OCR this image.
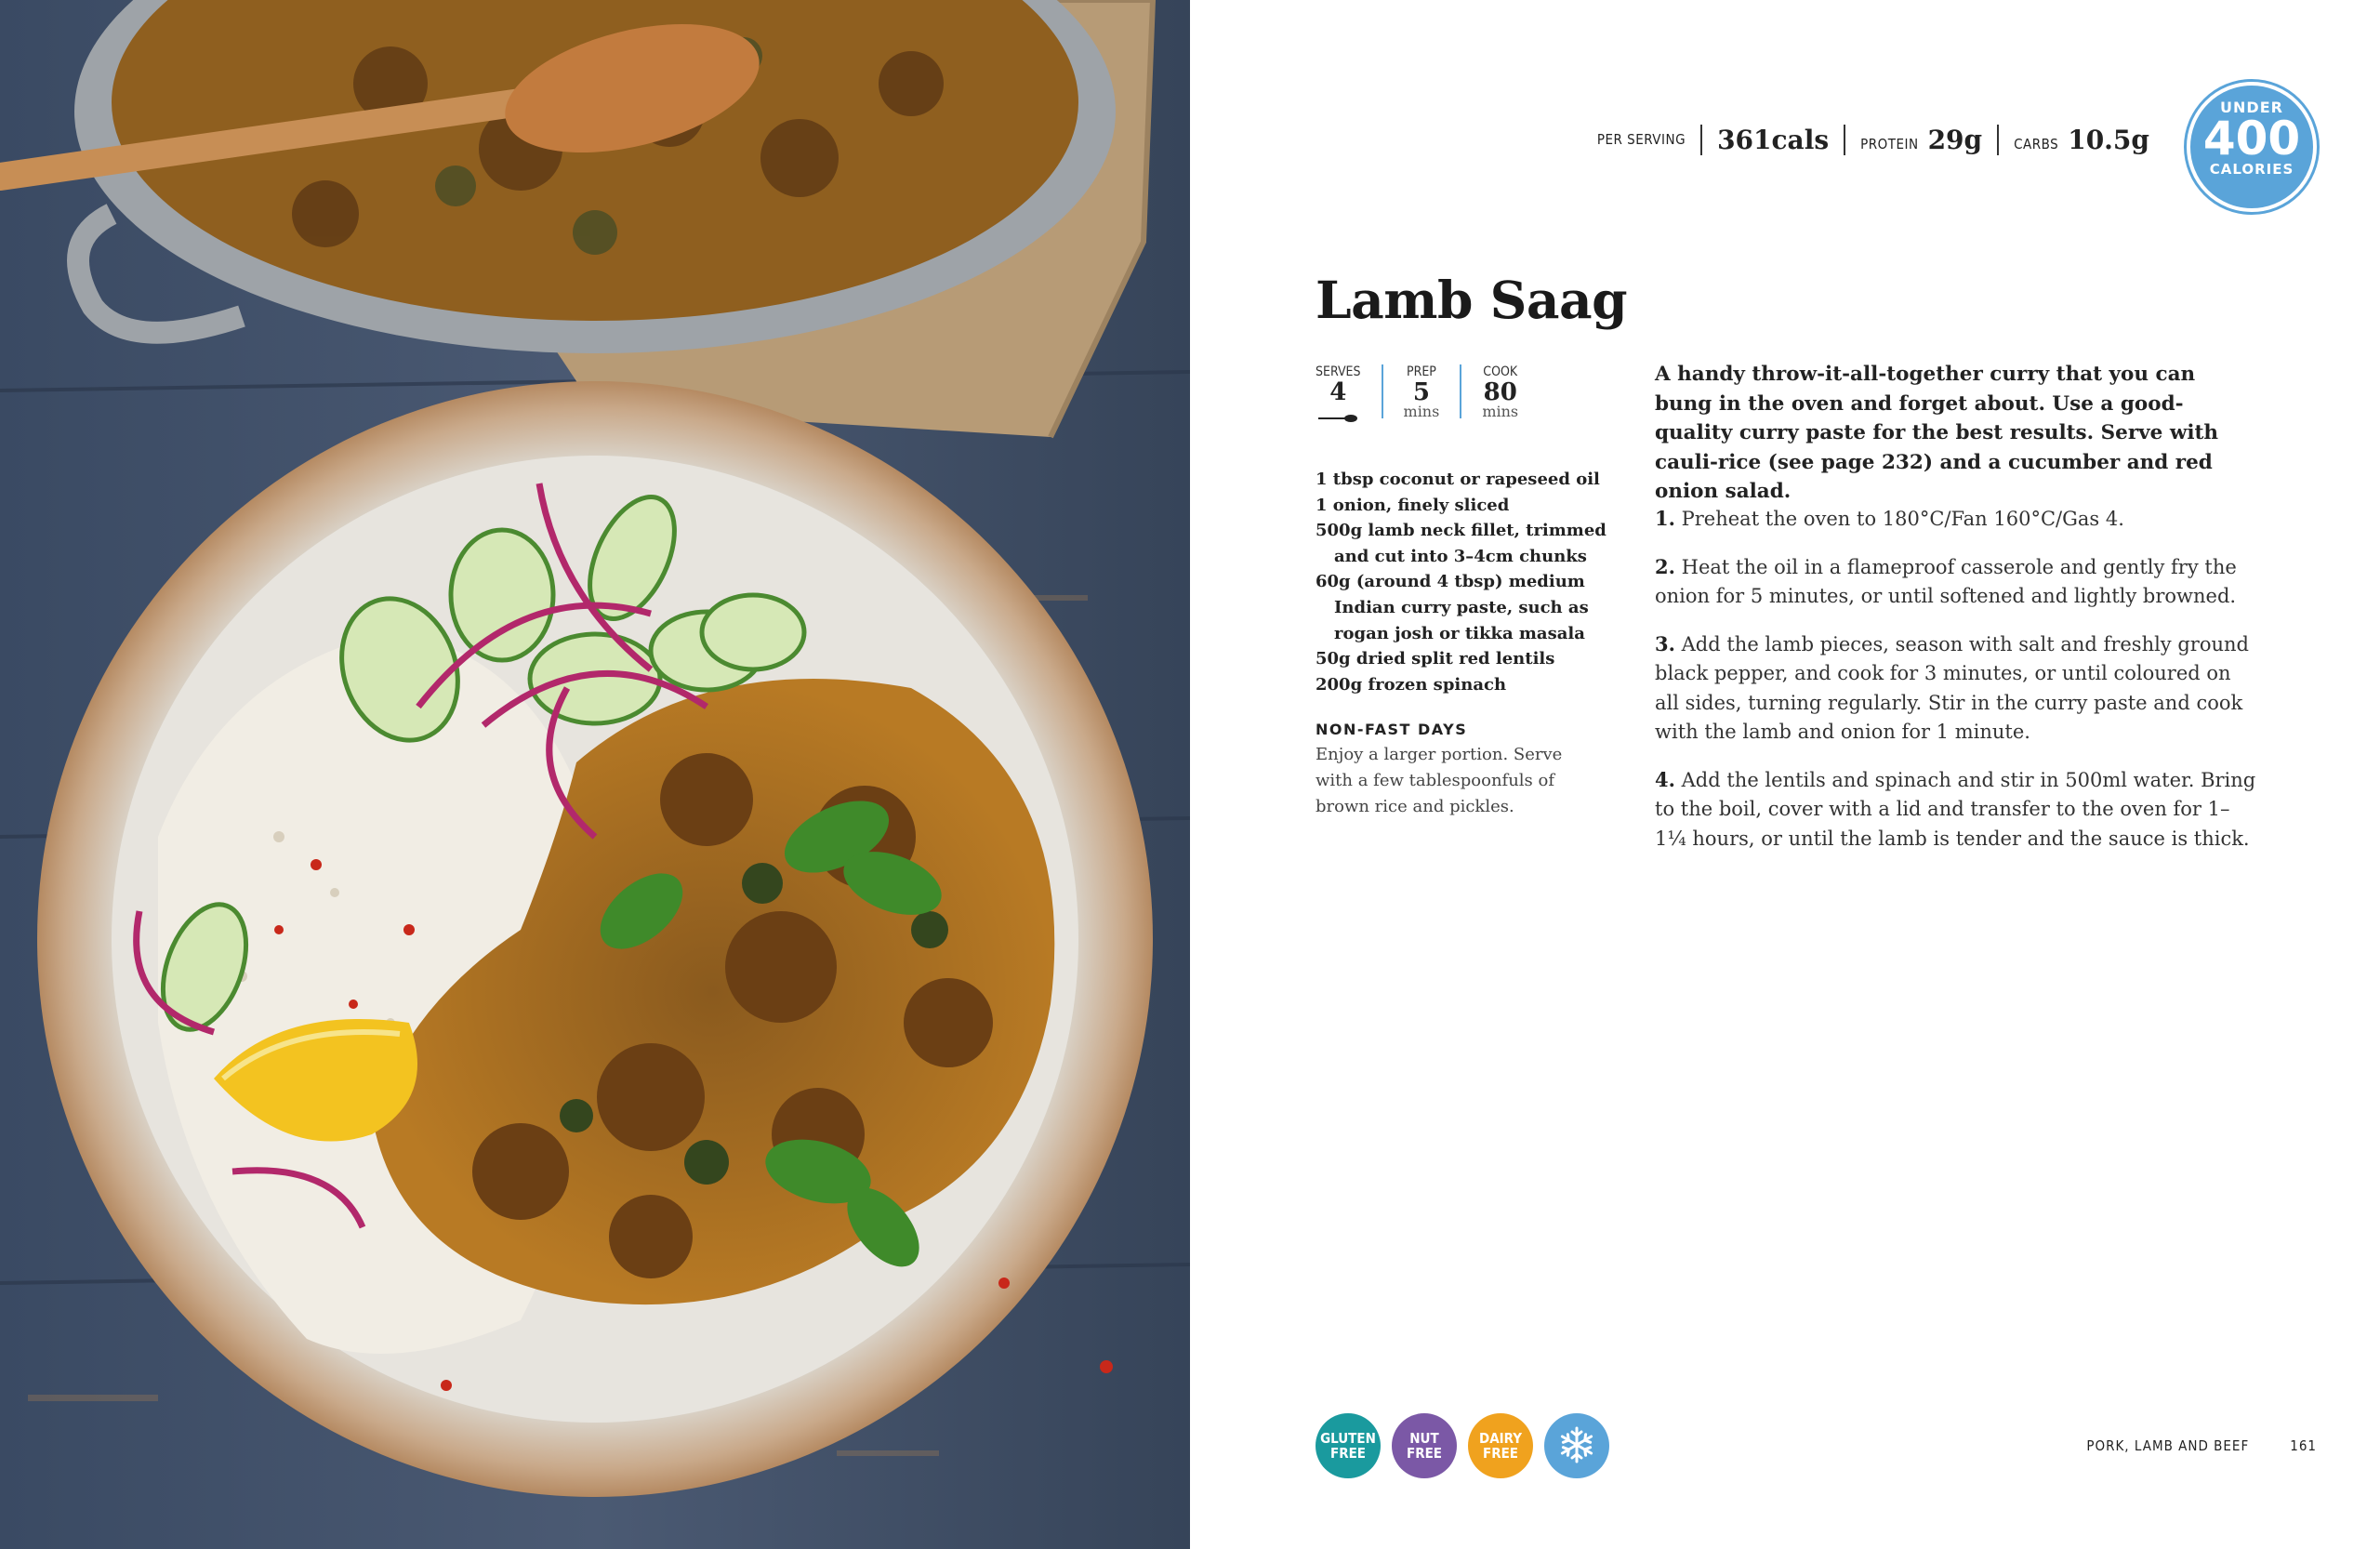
PER SERVING 361cals PROTEIN 29g CARBS 10.5g
UNDER
400
CALORIES
Lamb Saag
SERVES
4
PREP
5
mins
COOK
80
mins
1 tbsp coconut or rapeseed oil
1 onion, finely sliced
500g lamb neck fillet, trimmed and cut into 3–4cm chunks
60g (around 4 tbsp) medium Indian curry paste, such as rogan josh or tikka masala
50g dried split red lentils
200g frozen spinach
NON-FAST DAYS
Enjoy a larger portion. Serve with a few tablespoonfuls of brown rice and pickles.
A handy throw-it-all-together curry that you can bung in the oven and forget about. Use a good-quality curry paste for the best results. Serve with cauli-rice (see page 232) and a cucumber and red onion salad.
1. Preheat the oven to 180°C/Fan 160°C/Gas 4.
2. Heat the oil in a flameproof casserole and gently fry the onion for 5 minutes, or until softened and lightly browned.
3. Add the lamb pieces, season with salt and freshly ground black pepper, and cook for 3 minutes, or until coloured on all sides, turning regularly. Stir in the curry paste and cook with the lamb and onion for 1 minute.
4. Add the lentils and spinach and stir in 500ml water. Bring to the boil, cover with a lid and transfer to the oven for 1–1¼ hours, or until the lamb is tender and the sauce is thick.
GLUTEN
FREE
NUT
FREE
DAIRY
FREE	PORK, LAMB AND BEEF	161
